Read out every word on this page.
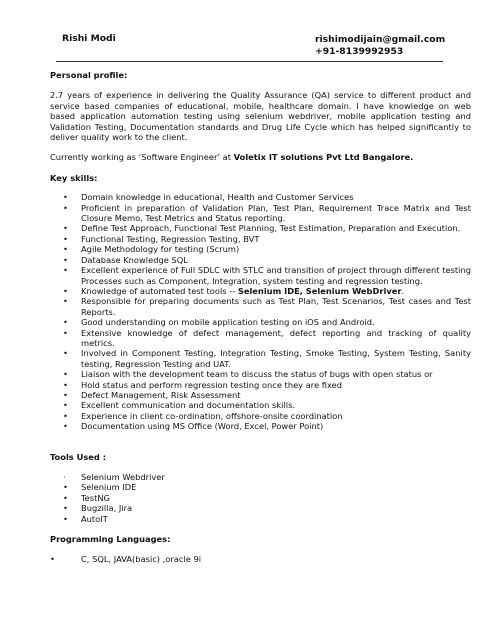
Rishi Modi	rishimodijain@gmail.com
+91-8139992953

Personal profile:

2.7 years of experience in delivering the Quality Assurance (QA) service to different product and service based companies of educational, mobile, healthcare domain. I have knowledge on web based application automation testing using selenium webdriver, mobile application testing and Validation Testing, Documentation standards and Drug Life Cycle which has helped significantly to deliver quality work to the client.

Currently working as ‘Software Engineer’ at Voletix IT solutions Pvt Ltd Bangalore.

Key skills:

• Domain knowledge in educational, Health and Customer Services
• Proficient in preparation of Validation Plan, Test Plan, Requirement Trace Matrix and Test Closure Memo, Test Metrics and Status reporting.
• Define Test Approach, Functional Test Planning, Test Estimation, Preparation and Execution.
• Functional Testing, Regression Testing, BVT
• Agile Methodology for testing (Scrum)
• Database Knowledge SQL
• Excellent experience of Full SDLC with STLC and transition of project through different testing Processes such as Component, Integration, system testing and regression testing.
• Knowledge of automated test tools -- Selenium IDE, Selenium WebDriver.
• Responsible for preparing documents such as Test Plan, Test Scenarios, Test cases and Test Reports.
• Good understanding on mobile application testing on iOS and Android.
• Extensive knowledge of defect management, defect reporting and tracking of quality metrics.
• Involved in Component Testing, Integration Testing, Smoke Testing, System Testing, Sanity testing, Regression Testing and UAT.
• Liaison with the development team to discuss the status of bugs with open status or
• Hold status and perform regression testing once they are fixed
• Defect Management, Risk Assessment
• Excellent communication and documentation skills.
• Experience in client co-ordination, offshore-onsite coordination
• Documentation using MS Office (Word, Excel, Power Point)

Tools Used :

· Selenium Webdriver
• Selenium IDE
• TestNG
• Bugzilla, Jira
• AutoIT

Programming Languages:

•	C, SQL, JAVA(basic) ,oracle 9i
